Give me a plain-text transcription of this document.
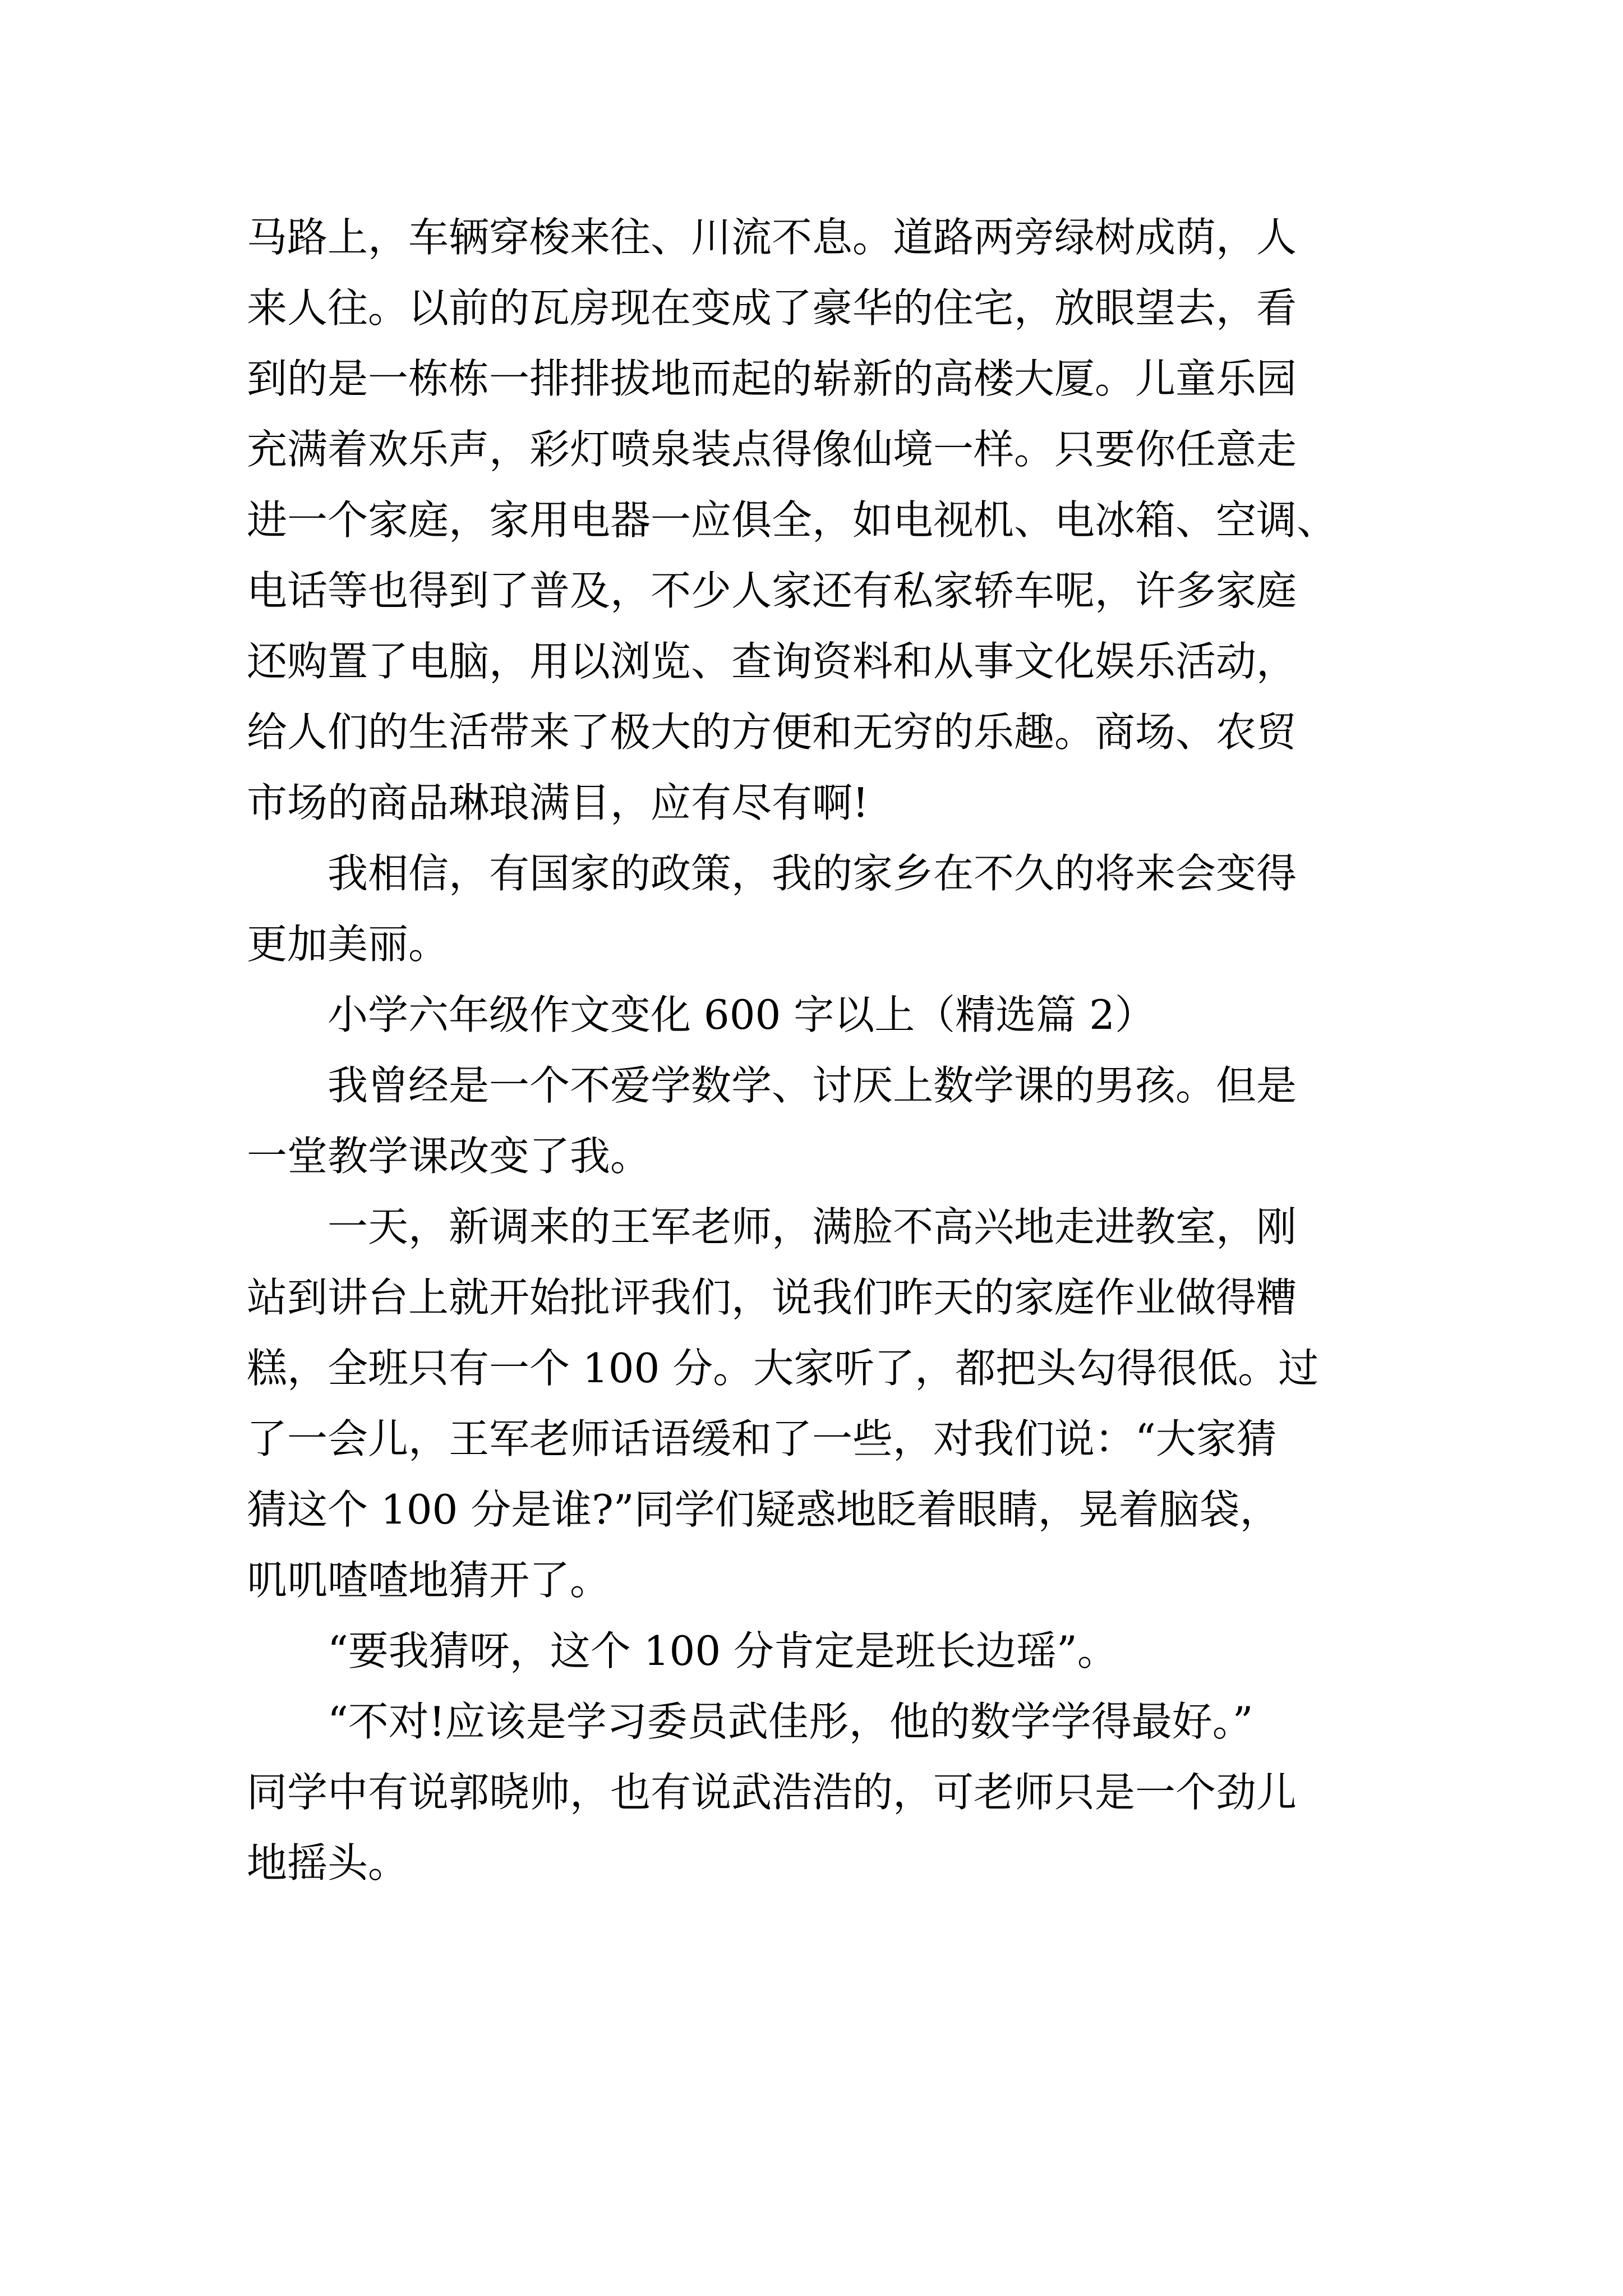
马路上，车辆穿梭来往、川流不息。道路两旁绿树成荫，人
来人往。以前的瓦房现在变成了豪华的住宅，放眼望去，看
到的是一栋栋一排排拔地而起的崭新的高楼大厦。儿童乐园
充满着欢乐声，彩灯喷泉装点得像仙境一样。只要你任意走
进一个家庭，家用电器一应俱全，如电视机、电冰箱、空调、
电话等也得到了普及，不少人家还有私家轿车呢，许多家庭
还购置了电脑，用以浏览、查询资料和从事文化娱乐活动，
给人们的生活带来了极大的方便和无穷的乐趣。商场、农贸
市场的商品琳琅满目，应有尽有啊!
　　我相信，有国家的政策，我的家乡在不久的将来会变得
更加美丽。
　　小学六年级作文变化 600 字以上（精选篇 2）
　　我曾经是一个不爱学数学、讨厌上数学课的男孩。但是
一堂教学课改变了我。
　　一天，新调来的王军老师，满脸不高兴地走进教室，刚
站到讲台上就开始批评我们，说我们昨天的家庭作业做得糟
糕，全班只有一个 100 分。大家听了，都把头勾得很低。过
了一会儿，王军老师话语缓和了一些，对我们说：“大家猜
猜这个 100 分是谁?”同学们疑惑地眨着眼睛，晃着脑袋，
叽叽喳喳地猜开了。
　　“要我猜呀，这个 100 分肯定是班长边瑶”。
　　“不对!应该是学习委员武佳彤，他的数学学得最好。”
同学中有说郭晓帅，也有说武浩浩的，可老师只是一个劲儿
地摇头。
